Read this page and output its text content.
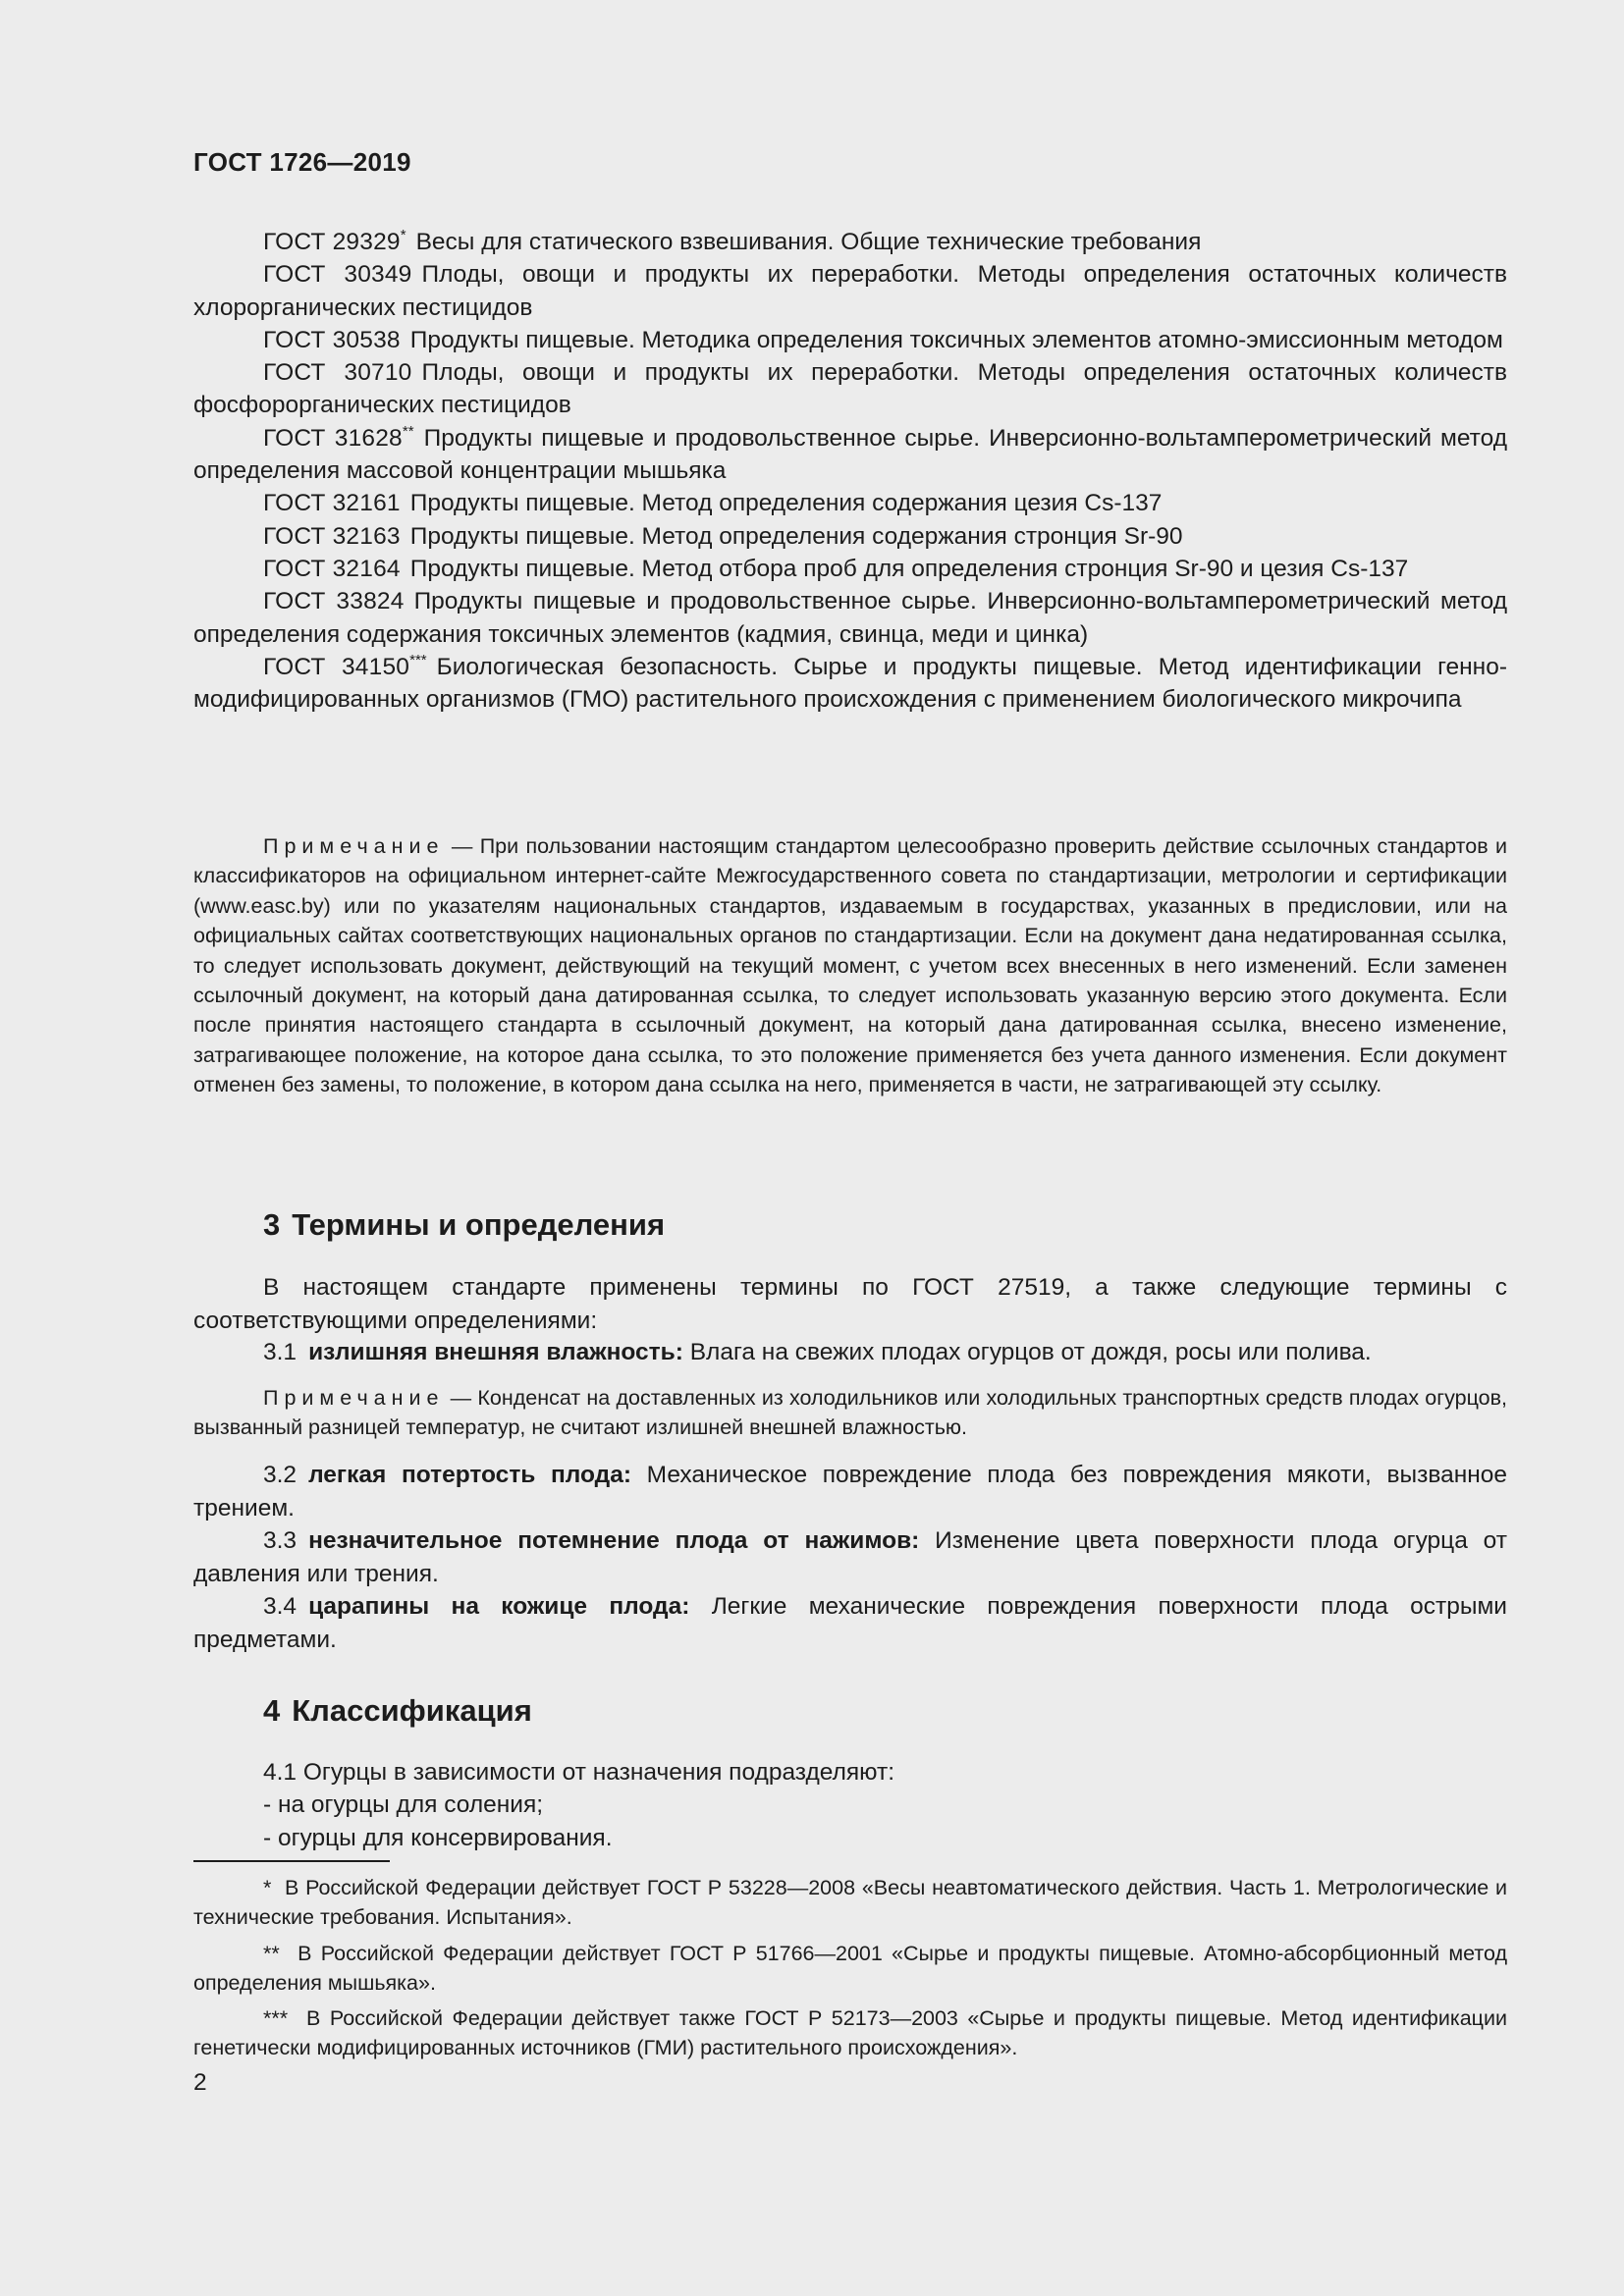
ГОСТ 1726—2019

ГОСТ 29329* Весы для статического взвешивания. Общие технические требования

ГОСТ 30349 Плоды, овощи и продукты их переработки. Методы определения остаточных количеств хлорорганических пестицидов

ГОСТ 30538 Продукты пищевые. Методика определения токсичных элементов атомно-эмиссионным методом

ГОСТ 30710 Плоды, овощи и продукты их переработки. Методы определения остаточных количеств фосфорорганических пестицидов

ГОСТ 31628** Продукты пищевые и продовольственное сырье. Инверсионно-вольтамперометрический метод определения массовой концентрации мышьяка

ГОСТ 32161 Продукты пищевые. Метод определения содержания цезия Cs-137

ГОСТ 32163 Продукты пищевые. Метод определения содержания стронция Sr-90

ГОСТ 32164 Продукты пищевые. Метод отбора проб для определения стронция Sr-90 и цезия Cs-137

ГОСТ 33824 Продукты пищевые и продовольственное сырье. Инверсионно-вольтамперометрический метод определения содержания токсичных элементов (кадмия, свинца, меди и цинка)

ГОСТ 34150*** Биологическая безопасность. Сырье и продукты пищевые. Метод идентификации генно-модифицированных организмов (ГМО) растительного происхождения с применением биологического микрочипа

Примечание — При пользовании настоящим стандартом целесообразно проверить действие ссылочных стандартов и классификаторов на официальном интернет-сайте Межгосударственного совета по стандартизации, метрологии и сертификации (www.easc.by) или по указателям национальных стандартов, издаваемым в государствах, указанных в предисловии, или на официальных сайтах соответствующих национальных органов по стандартизации. Если на документ дана недатированная ссылка, то следует использовать документ, действующий на текущий момент, с учетом всех внесенных в него изменений. Если заменен ссылочный документ, на который дана датированная ссылка, то следует использовать указанную версию этого документа. Если после принятия настоящего стандарта в ссылочный документ, на который дана датированная ссылка, внесено изменение, затрагивающее положение, на которое дана ссылка, то это положение применяется без учета данного изменения. Если документ отменен без замены, то положение, в котором дана ссылка на него, применяется в части, не затрагивающей эту ссылку.

3 Термины и определения

В настоящем стандарте применены термины по ГОСТ 27519, а также следующие термины с соответствующими определениями:

3.1 излишняя внешняя влажность: Влага на свежих плодах огурцов от дождя, росы или полива.

Примечание — Конденсат на доставленных из холодильников или холодильных транспортных средств плодах огурцов, вызванный разницей температур, не считают излишней внешней влажностью.

3.2 легкая потертость плода: Механическое повреждение плода без повреждения мякоти, вызванное трением.

3.3 незначительное потемнение плода от нажимов: Изменение цвета поверхности плода огурца от давления или трения.

3.4 царапины на кожице плода: Легкие механические повреждения поверхности плода острыми предметами.

4 Классификация

4.1 Огурцы в зависимости от назначения подразделяют:

- на огурцы для соления;

- огурцы для консервирования.

* В Российской Федерации действует ГОСТ Р 53228—2008 «Весы неавтоматического действия. Часть 1. Метрологические и технические требования. Испытания».

** В Российской Федерации действует ГОСТ Р 51766—2001 «Сырье и продукты пищевые. Атомно-абсорбционный метод определения мышьяка».

*** В Российской Федерации действует также ГОСТ Р 52173—2003 «Сырье и продукты пищевые. Метод идентификации генетически модифицированных источников (ГМИ) растительного происхождения».

2
